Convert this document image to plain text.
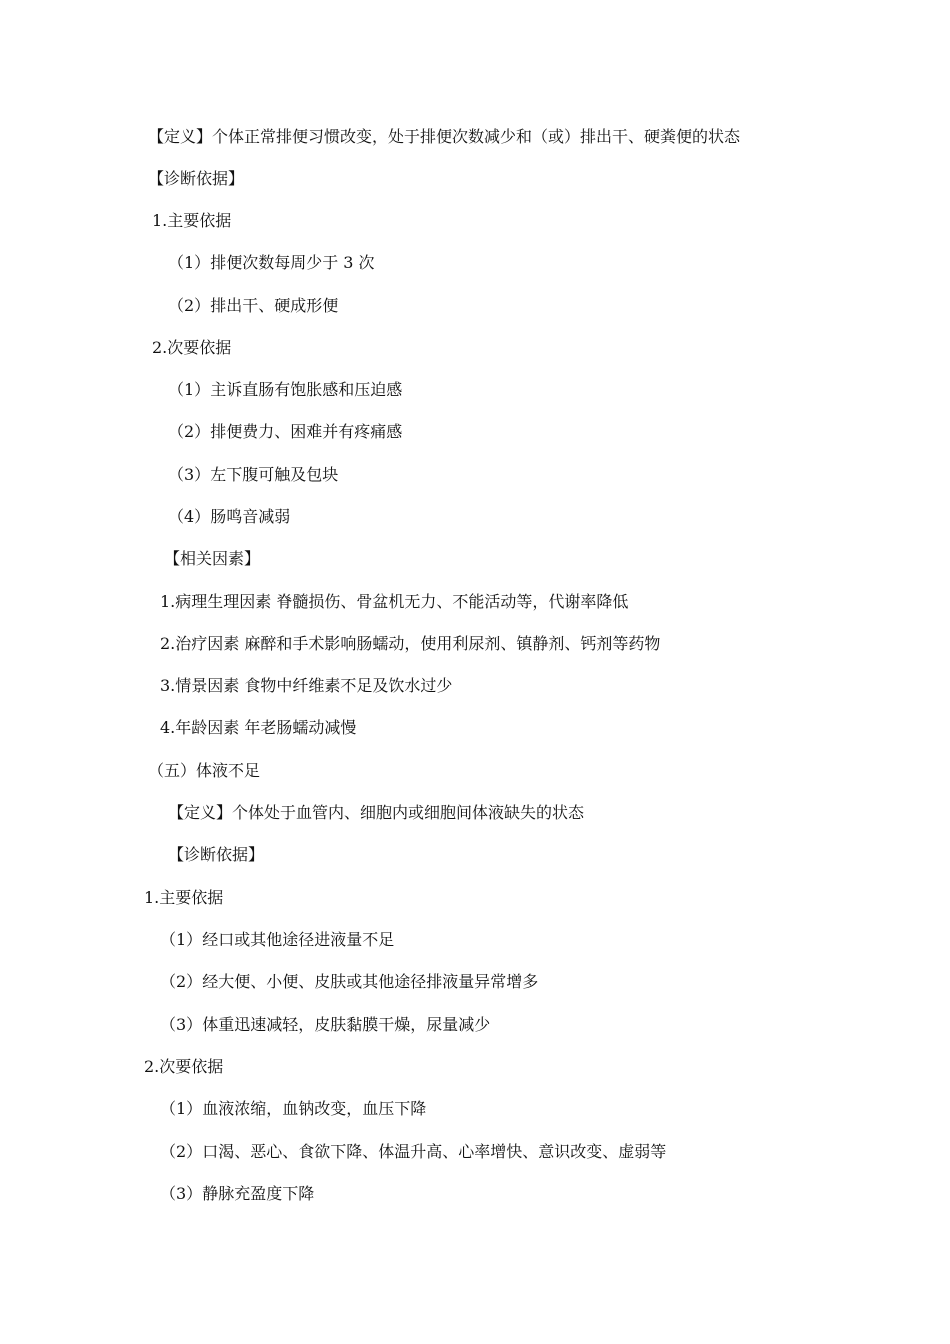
【定义】个体正常排便习惯改变，处于排便次数减少和（或）排出干、硬粪便的状态
【诊断依据】
1.主要依据
（1）排便次数每周少于 3 次
（2）排出干、硬成形便
2.次要依据
（1）主诉直肠有饱胀感和压迫感
（2）排便费力、困难并有疼痛感
（3）左下腹可触及包块
（4）肠鸣音减弱
【相关因素】
1.病理生理因素 脊髓损伤、骨盆机无力、不能活动等，代谢率降低
2.治疗因素 麻醉和手术影响肠蠕动，使用利尿剂、镇静剂、钙剂等药物
3.情景因素 食物中纤维素不足及饮水过少
4.年龄因素 年老肠蠕动减慢
（五）体液不足
【定义】个体处于血管内、细胞内或细胞间体液缺失的状态
【诊断依据】
1.主要依据
（1）经口或其他途径进液量不足
（2）经大便、小便、皮肤或其他途径排液量异常增多
（3）体重迅速减轻，皮肤黏膜干燥，尿量减少
2.次要依据
（1）血液浓缩，血钠改变，血压下降
（2）口渴、恶心、食欲下降、体温升高、心率增快、意识改变、虚弱等
（3）静脉充盈度下降
